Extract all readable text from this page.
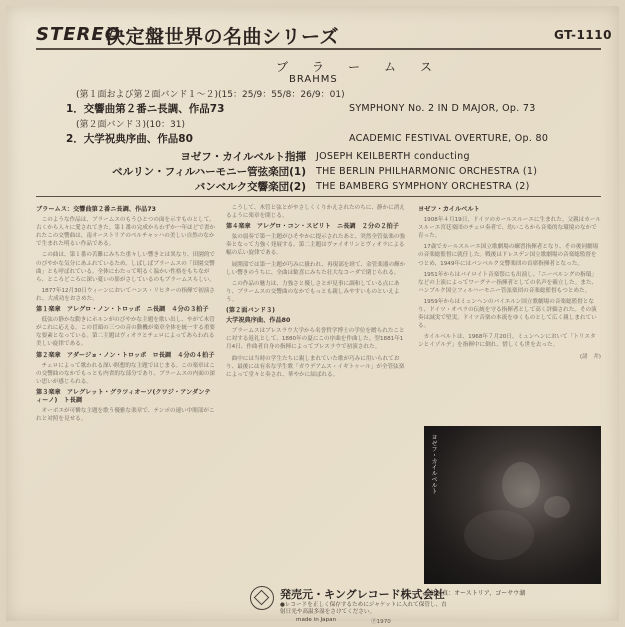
STEREO
決定盤世界の名曲シリーズ	GT-1110
ブ　ラ　ー　ム　ス
BRAHMS
(第１面および第２面バンド１〜２)(15：25/9：55/8：26/9：01)
1．交響曲第２番ニ長調、作品73	SYMPHONY No. 2 IN D MAJOR, Op. 73
(第２面バンド３)(10：31)
2．大学祝典序曲、作品80	ACADEMIC FESTIVAL OVERTURE, Op. 80
ヨゼフ・カイルベルト指揮 JOSEPH KEILBERTH conducting
ベルリン・フィルハーモニー管弦楽団(1) THE BERLIN PHILHARMONIC ORCHESTRA (1)
バンベルク交響楽団(2) THE BAMBERG SYMPHONY ORCHESTRA (2)
ブラームス：交響曲第２番ニ長調、作品73

このような作品は、ブラームスのもうひとつの面を示すものとして、古くから人々に愛されてきた。第１番の完成からわずか一年ほどで書かれたこの交響曲は、南オーストリアのペルチャッハの美しい自然のなかで生まれた明るい作品である。

この曲は、第１番の苦難にみちた重々しい響きとは異なり、田園的でのびやかな気分にあふれているため、しばしばブラームスの「田園交響曲」とも呼ばれている。全体にわたって明るく温かい性格をもちながら、ところどころに深い憂いの影がさしているのもブラームスらしい。

1877年12月30日ウィーンにおいてハンス・リヒターの指揮で初演され、大成功をおさめた。

第１楽章　アレグロ・ノン・トロッポ　ニ長調　４分の３拍子

低弦の静かな動きにホルンがのびやかな主題を歌い出し、やがて木管がこれに応える。この冒頭の三つの音の動機が楽章全体を統一する重要な要素となっている。第二主題はヴィオラとチェロによってあらわれる美しい旋律である。

第２楽章　アダージョ・ノン・トロッポ　ロ長調　４分の４拍子

チェロによって歌われる深い瞑想的な主題ではじまる。この楽章はこの交響曲のなかでもっとも内省的な部分であり、ブラームスの内面の深い思いが感じられる。

第３楽章　アレグレット・グラツィオーソ(クワジ・アンダンティーノ)　ト長調

オーボエが可憐な主題を歌う優雅な楽章で、テンポの速い中間部がこれと対照を見せる。

こうして、木管と弦とがやさしくくりかえされたのちに、静かに消えるように楽章を閉じる。

第４楽章　アレグロ・コン・スピリト　ニ長調　２分の２拍子

弦の弱奏で第一主題がひそやかに提示されたあと、突然全管弦楽の強奏となって力強く発展する。第二主題はヴァイオリンとヴィオラによる幅の広い旋律である。

展開部では第一主題が巧みに扱われ、再現部を経て、金管楽器の輝かしい響きのうちに、全曲は歓喜にみちた壮大なコーダで閉じられる。

この作品の魅力は、力強さと優しさとが見事に調和している点にあり、ブラームスの交響曲のなかでもっとも親しみやすいものといえよう。

(第２面バンド３)
大学祝典序曲、作品80

ブラームスはブレスラウ大学から名誉哲学博士の学位を贈られたことに対する返礼として、1880年の夏にこの序曲を作曲した。翌1881年1月4日、作曲者自身の指揮によってブレスラウで初演された。

曲中には当時の学生たちに親しまれていた歌が巧みに用いられており、最後には有名な学生歌「ガウデアムス・イギトゥール」が全管弦楽によって堂々と奏され、華やかに結ばれる。

ヨゼフ・カイルベルト

1908年４月19日、ドイツのカールスルーエに生まれた。父親はカールスルーエ宮廷楽団のチェロ奏者で、幼いころから音楽的な環境のなかで育った。

17歳でカールスルーエ国立歌劇場の練習指揮者となり、その後同劇場の音楽総監督に就任した。戦後はドレスデン国立歌劇場の音楽総監督をつとめ、1949年にはバンベルク交響楽団の首席指揮者となった。

1951年からはバイロイト音楽祭にも出演し、「ニーベルングの指環」などの上演によってワーグナー指揮者としての名声を確立した。また、ハンブルク国立フィルハーモニー管弦楽団の音楽総監督もつとめた。

1959年からはミュンヘンのバイエルン国立歌劇場の音楽総監督となり、ドイツ・オペラの伝統を守る指揮者として高く評価された。その演奏は誠実で堅実、ドイツ音楽の本流をゆくものとして広く親しまれている。

カイルベルトは、1968年７月20日、ミュンヘンにおいて「トリスタンとイゾルデ」を指揮中に倒れ、惜しくも世を去った。

(諸　井)

ヨゼフ・カイルベルト
表紙写真：オーストリア、ゴーサウ湖
発売元・キングレコード株式会社
●レコードを正しく保存するためにジャケットに入れて保管し、直射日光や高温多湿をさけてください。
made in Japan	Ⓟ1970
